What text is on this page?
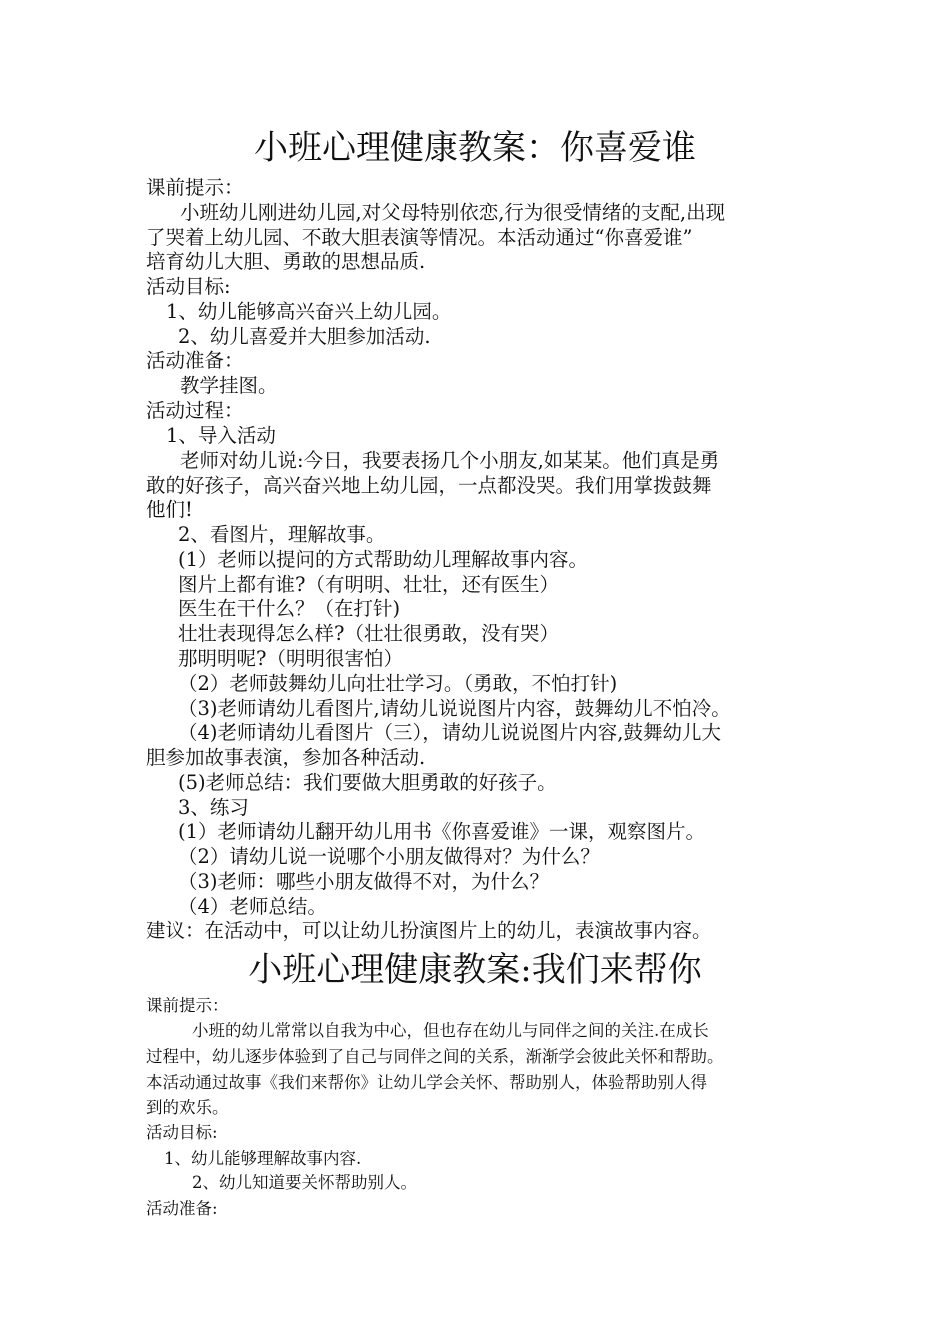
小班心理健康教案：你喜爱谁
课前提示：
小班幼儿刚进幼儿园,对父母特别依恋,行为很受情绪的支配,出现
了哭着上幼儿园、不敢大胆表演等情况。本活动通过“你喜爱谁”
培育幼儿大胆、勇敢的思想品质.
活动目标:
1、幼儿能够高兴奋兴上幼儿园。
2、幼儿喜爱并大胆参加活动.
活动准备：
教学挂图。
活动过程：
1、导入活动
老师对幼儿说:今日，我要表扬几个小朋友,如某某。他们真是勇
敢的好孩子，高兴奋兴地上幼儿园，一点都没哭。我们用掌拨鼓舞
他们!
2、看图片，理解故事。
(1）老师以提问的方式帮助幼儿理解故事内容。
图片上都有谁?（有明明、壮壮，还有医生）
医生在干什么？（在打针)
壮壮表现得怎么样?（壮壮很勇敢，没有哭）
那明明呢?（明明很害怕）
（2）老师鼓舞幼儿向壮壮学习。（勇敢，不怕打针)
（3)老师请幼儿看图片,请幼儿说说图片内容，鼓舞幼儿不怕冷。
（4)老师请幼儿看图片（三），请幼儿说说图片内容,鼓舞幼儿大
胆参加故事表演，参加各种活动.
(5)老师总结：我们要做大胆勇敢的好孩子。
3、练习
(1）老师请幼儿翻开幼儿用书《你喜爱谁》一课，观察图片。
（2）请幼儿说一说哪个小朋友做得对？为什么？
（3)老师：哪些小朋友做得不对，为什么？
（4）老师总结。
建议：在活动中，可以让幼儿扮演图片上的幼儿，表演故事内容。
小班心理健康教案:我们来帮你
课前提示：
小班的幼儿常常以自我为中心，但也存在幼儿与同伴之间的关注.在成长
过程中，幼儿逐步体验到了自己与同伴之间的关系，渐渐学会彼此关怀和帮助。
本活动通过故事《我们来帮你》让幼儿学会关怀、帮助别人，体验帮助别人得
到的欢乐。
活动目标:
1、幼儿能够理解故事内容.
2、幼儿知道要关怀帮助别人。
活动准备:
